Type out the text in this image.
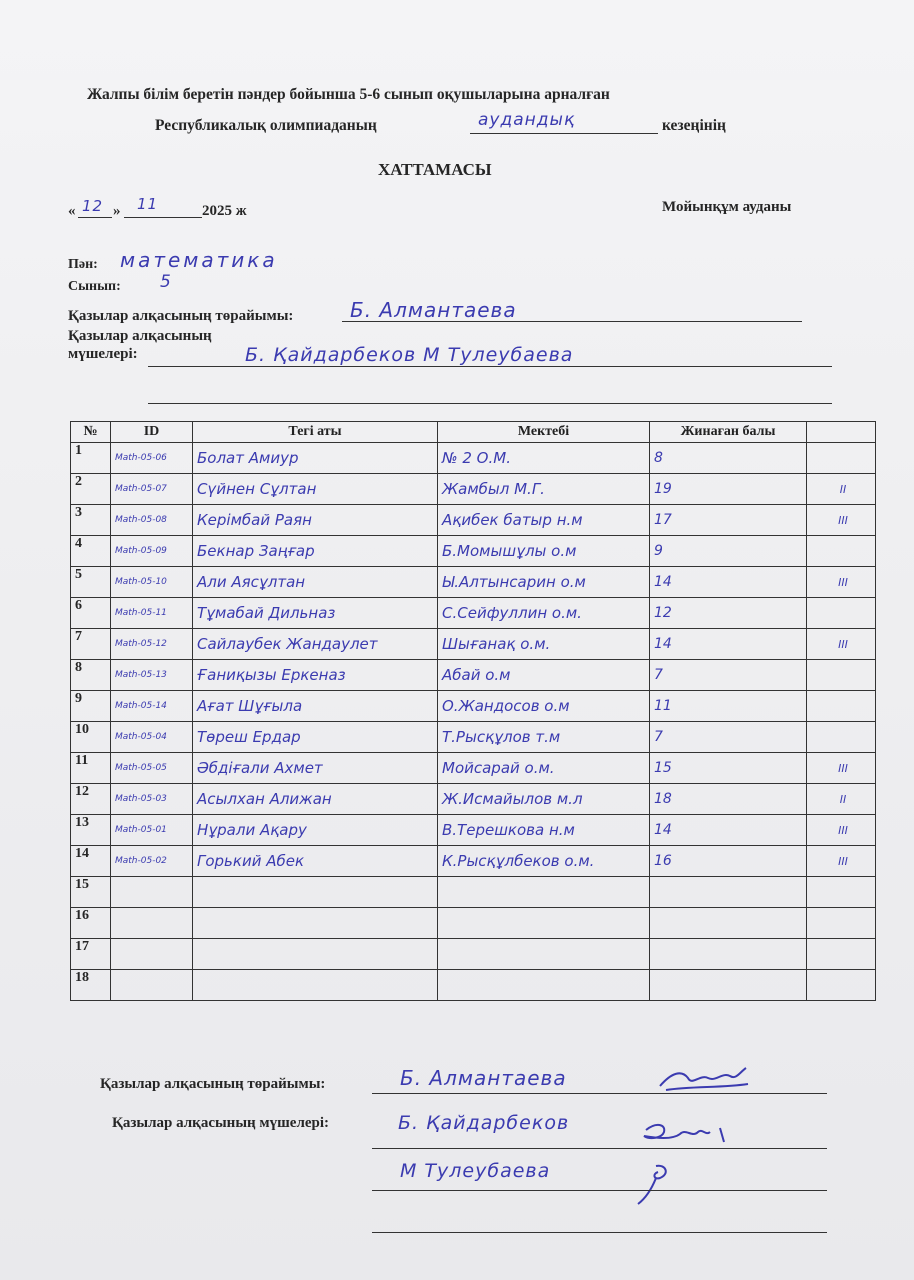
Жалпы білім беретін пәндер бойынша 5-6 сынып оқушыларына арналған
Республикалық олимпиаданың	аудандық	кезеңінің
ХАТТАМАСЫ
« 12 » 11	2025 ж	Мойынқұм ауданы
Пән: математика
Сынып: 5
Қазылар алқасының төрайымы:	Б. Алмантаева
Қазылар алқасының
мүшелері:	Б. Қайдарбеков М Тулеубаева
№	ID	Тегі аты	Мектебі	Жинаған балы	
1	Math-05-06	Болат Амиур	№ 2 О.М.	8	
2	Math-05-07	Сүйнен Сұлтан	Жамбыл М.Г.	19	II
3	Math-05-08	Керімбай Раян	Ақибек батыр н.м	17	III
4	Math-05-09	Бекнар Заңғар	Б.Момышұлы о.м	9	
5	Math-05-10	Али Аясұлтан	Ы.Алтынсарин о.м	14	III
6	Math-05-11	Тұмабай Дильназ	С.Сейфуллин о.м.	12	
7	Math-05-12	Сайлаубек Жандаулет	Шығанақ о.м.	14	III
8	Math-05-13	Ғаниқызы Еркеназ	Абай о.м	7	
9	Math-05-14	Ағат Шұғыла	О.Жандосов о.м	11	
10	Math-05-04	Төреш Ердар	Т.Рысқұлов т.м	7	
11	Math-05-05	Әбдіғали Ахмет	Мойсарай о.м.	15	III
12	Math-05-03	Асылхан Алижан	Ж.Исмайылов м.л	18	II
13	Math-05-01	Нұрали Ақару	В.Терешкова н.м	14	III
14	Math-05-02	Горький Абек	К.Рысқұлбеков о.м.	16	III
15					
16					
17					
18					
Қазылар алқасының төрайымы:	Б. Алмантаева
Қазылар алқасының мүшелері:	Б. Қайдарбеков
М Тулеубаева
